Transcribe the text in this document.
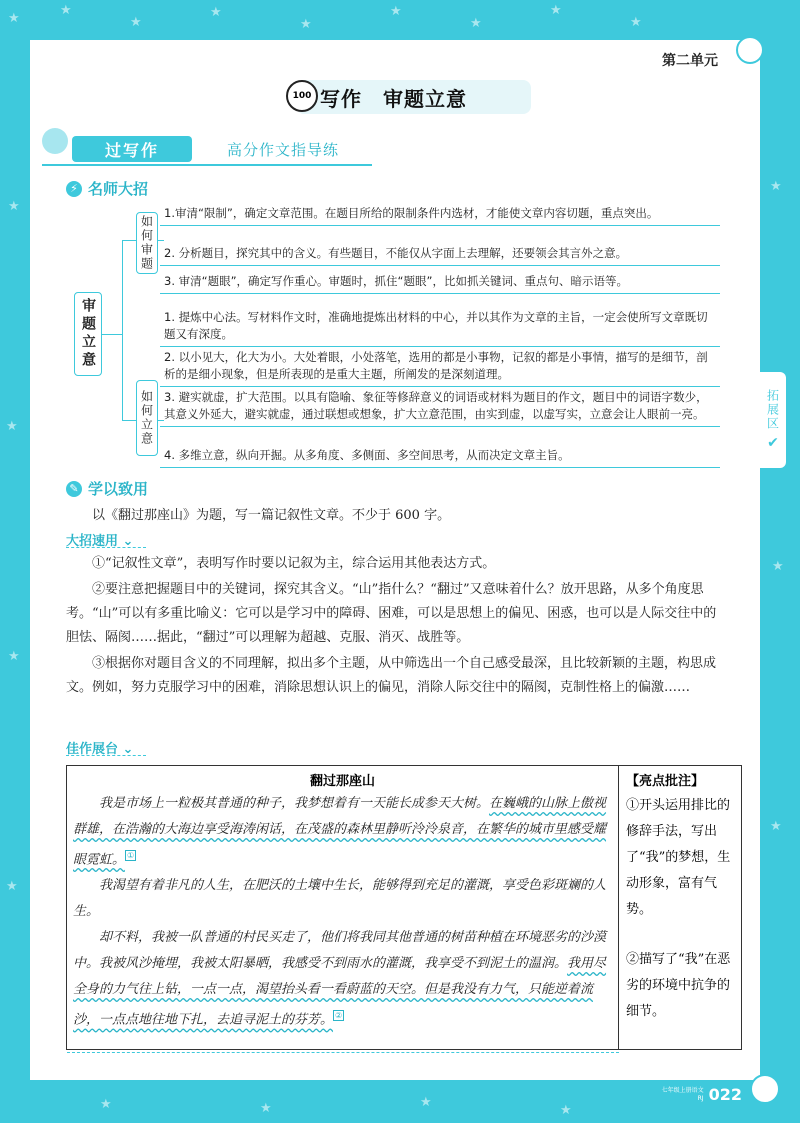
★
★
★
★
★
★
★
★
★
★
★
★
★
★
★
★
★	★	★
★
第二单元
拓展区
✔
100 写作　审题立意
过写作	高分作文指导练
⚡ 名师大招
审题立意
如何审题
1.审清“限制”，确定文章范围。在题目所给的限制条件内选材，才能使文章内容切题，重点突出。
2. 分析题目，探究其中的含义。有些题目，不能仅从字面上去理解，还要领会其言外之意。
3. 审清“题眼”，确定写作重心。审题时，抓住“题眼”，比如抓关键词、重点句、暗示语等。
如何立意
1. 提炼中心法。写材料作文时，准确地提炼出材料的中心，并以其作为文章的主旨，一定会使所写文章既切题又有深度。
2. 以小见大，化大为小。大处着眼，小处落笔，选用的都是小事物，记叙的都是小事情，描写的是细节，剖析的是细小现象，但是所表现的是重大主题，所阐发的是深刻道理。
3. 避实就虚，扩大范围。以具有隐喻、象征等修辞意义的词语或材料为题目的作文，题目中的词语字数少，其意义外延大，避实就虚，通过联想或想象，扩大立意范围，由实到虚，以虚写实，立意会让人眼前一亮。
4. 多维立意，纵向开掘。从多角度、多侧面、多空间思考，从而决定文章主旨。
✎ 学以致用
以《翻过那座山》为题，写一篇记叙性文章。不少于 600 字。
大招速用 ⌄
①“记叙性文章”，表明写作时要以记叙为主，综合运用其他表达方式。
②要注意把握题目中的关键词，探究其含义。“山”指什么？“翻过”又意味着什么？放开思路，从多个角度思考。“山”可以有多重比喻义：它可以是学习中的障碍、困难，可以是思想上的偏见、困惑，也可以是人际交往中的胆怯、隔阂……据此，“翻过”可以理解为超越、克服、消灭、战胜等。
③根据你对题目含义的不同理解，拟出多个主题，从中筛选出一个自己感受最深，且比较新颖的主题，构思成文。例如，努力克服学习中的困难，消除思想认识上的偏见，消除人际交往中的隔阂，克制性格上的偏激……
佳作展台 ⌄
翻过那座山

我是市场上一粒极其普通的种子，我梦想着有一天能长成参天大树。在巍峨的山脉上傲视群雄，在浩瀚的大海边享受海涛闲话，在茂盛的森林里静听泠泠泉音，在繁华的城市里感受耀眼霓虹。 ①

我渴望有着非凡的人生，在肥沃的土壤中生长，能够得到充足的灌溉，享受色彩斑斓的人生。

却不料，我被一队普通的村民买走了，他们将我同其他普通的树苗种植在环境恶劣的沙漠中。我被风沙掩埋，我被太阳暴晒，我感受不到雨水的灌溉，我享受不到泥土的温润。我用尽全身的力气往上钻，一点一点，渴望抬头看一看蔚蓝的天空。但是我没有力气，只能逆着流沙，一点点地往地下扎，去追寻泥土的芬芳。 ②

【亮点批注】

①开头运用排比的修辞手法，写出了“我”的梦想，生动形象，富有气势。

②描写了“我”在恶劣的环境中抗争的细节。

七年级上册语文
RJ 022
